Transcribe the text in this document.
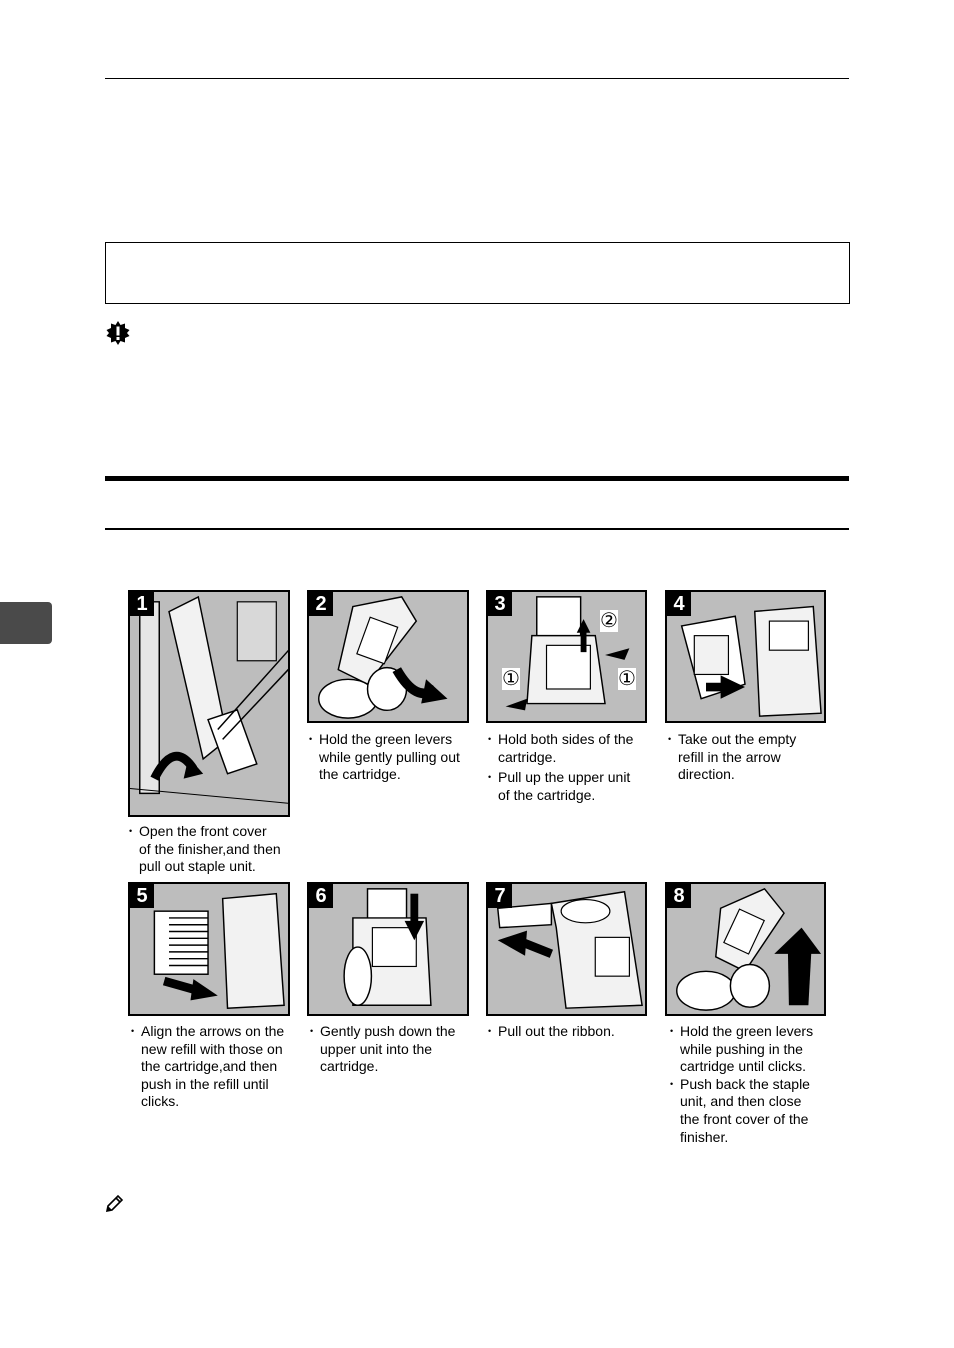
1
• Open the front cover
of the finisher,and then
pull out staple unit.
2
• Hold the green levers
while gently pulling out
the cartridge.
3
①
②
①
• Hold both sides of the
cartridge.
• Pull up the upper unit
of the cartridge.
4
• Take out the empty
refill in the arrow
direction.
5
• Align the arrows on the
new refill with those on
the cartridge,and then
push in the refill until
clicks.
6
• Gently push down the
upper unit into the
cartridge.
7
• Pull out the ribbon.
8
• Hold the green levers
while pushing in the
cartridge until clicks.
• Push back the staple
unit, and then close
the front cover of the
finisher.
